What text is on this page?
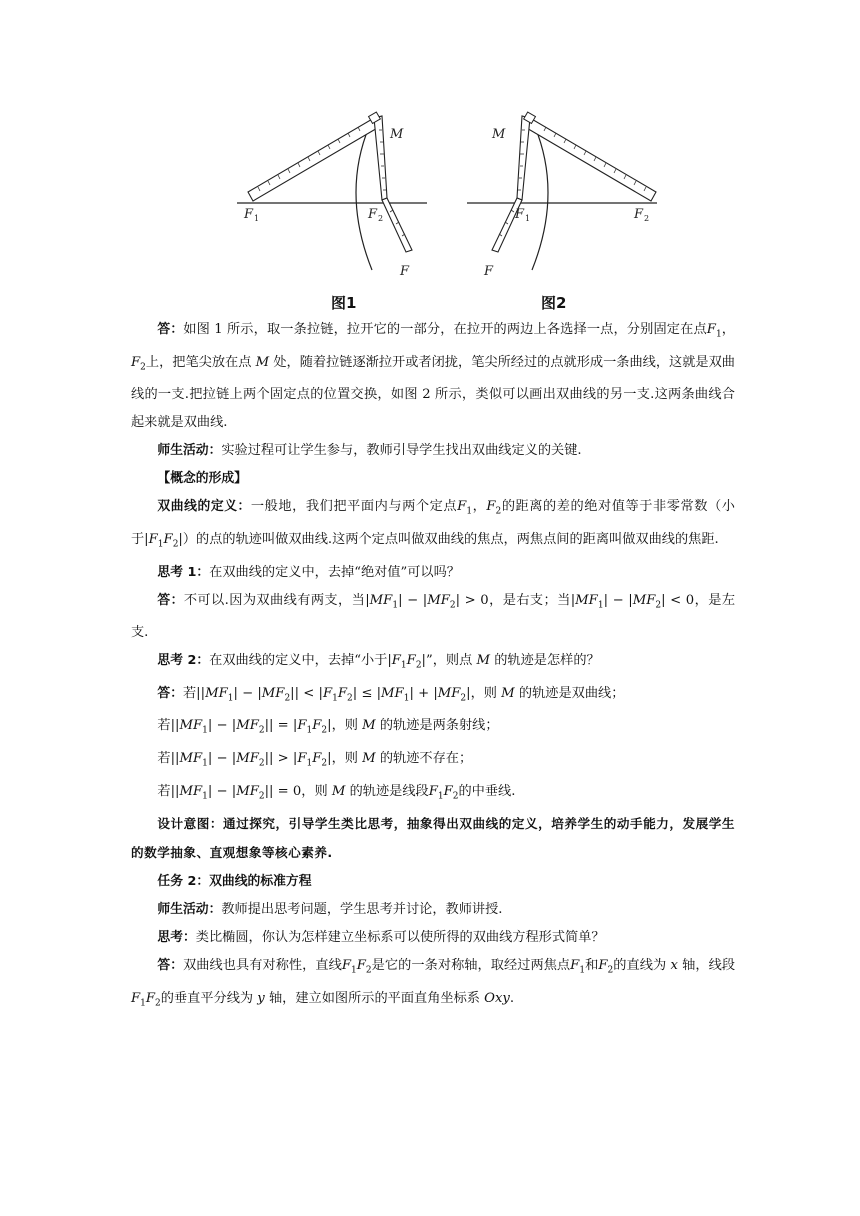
M
F 1	F 2
F
M
F 1	F 2
F
图1	图2

答：如图 1 所示，取一条拉链，拉开它的一部分，在拉开的两边上各选择一点，分别固定在点$F_1$，$F_2$上，把笔尖放在点 M 处，随着拉链逐渐拉开或者闭拢，笔尖所经过的点就形成一条曲线，这就是双曲线的一支.把拉链上两个固定点的位置交换，如图 2 所示，类似可以画出双曲线的另一支.这两条曲线合起来就是双曲线.

师生活动：实验过程可让学生参与，教师引导学生找出双曲线定义的关键.

【概念的形成】

双曲线的定义：一般地，我们把平面内与两个定点$F_1$，$F_2$的距离的差的绝对值等于非零常数（小于$|F_1F_2|$）的点的轨迹叫做双曲线.这两个定点叫做双曲线的焦点，两焦点间的距离叫做双曲线的焦距.

思考 1：在双曲线的定义中，去掉“绝对值”可以吗？

答：不可以.因为双曲线有两支，当$|MF_1| - |MF_2| > 0$，是右支；当$|MF_1| - |MF_2| < 0$，是左支.

思考 2：在双曲线的定义中，去掉“小于$|F_1F_2|$”，则点 M 的轨迹是怎样的？

答：若$||MF_1| - |MF_2|| < |F_1F_2| \le |MF_1| + |MF_2|$，则 M 的轨迹是双曲线；

若$||MF_1| - |MF_2|| = |F_1F_2|$，则 M 的轨迹是两条射线；

若$||MF_1| - |MF_2|| > |F_1F_2|$，则 M 的轨迹不存在；

若$||MF_1| - |MF_2|| = 0$，则 M 的轨迹是线段$F_1F_2$的中垂线.

设计意图：通过探究，引导学生类比思考，抽象得出双曲线的定义，培养学生的动手能力，发展学生的数学抽象、直观想象等核心素养.

任务 2：双曲线的标准方程

师生活动：教师提出思考问题，学生思考并讨论，教师讲授.

思考：类比椭圆，你认为怎样建立坐标系可以使所得的双曲线方程形式简单？

答：双曲线也具有对称性，直线$F_1F_2$是它的一条对称轴，取经过两焦点$F_1$和$F_2$的直线为 x 轴，线段$F_1F_2$的垂直平分线为 y 轴，建立如图所示的平面直角坐标系 Oxy.
